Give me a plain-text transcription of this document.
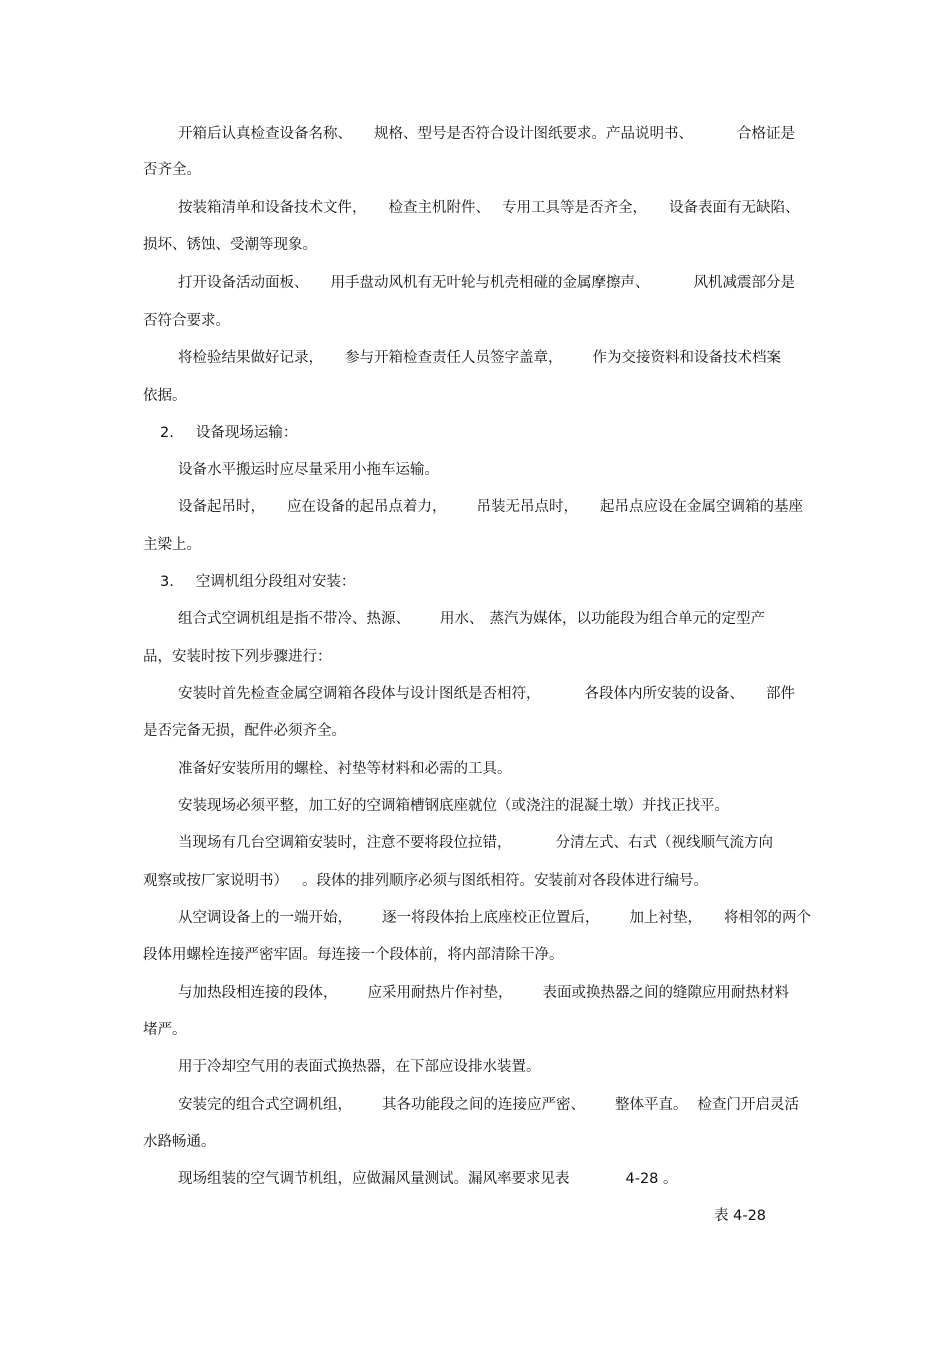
开箱后认真检查设备名称、 规格、型号是否符合设计图纸要求。产品说明书、	合格证是
否齐全。
按装箱清单和设备技术文件， 检查主机附件、 专用工具等是否齐全， 设备表面有无缺陷、
损坏、锈蚀、受潮等现象。
打开设备活动面板、 用手盘动风机有无叶轮与机壳相碰的金属摩擦声、	风机减震部分是
否符合要求。
将检验结果做好记录， 参与开箱检查责任人员签字盖章， 作为交接资料和设备技术档案
依据。
2. 设备现场运输：
设备水平搬运时应尽量采用小拖车运输。
设备起吊时， 应在设备的起吊点着力， 吊装无吊点时， 起吊点应设在金属空调箱的基座
主梁上。
3. 空调机组分段组对安装：
组合式空调机组是指不带冷、热源、 用水、 蒸汽为媒体，以功能段为组合单元的定型产
品，安装时按下列步骤进行：
安装时首先检查金属空调箱各段体与设计图纸是否相符，	各段体内所安装的设备、 部件
是否完备无损，配件必须齐全。
准备好安装所用的螺栓、衬垫等材料和必需的工具。
安装现场必须平整，加工好的空调箱槽钢底座就位（或浇注的混凝土墩）并找正找平。
当现场有几台空调箱安装时，注意不要将段位拉错，	分清左式、右式（视线顺气流方向
观察或按厂家说明书） 。段体的排列顺序必须与图纸相符。安装前对各段体进行编号。
从空调设备上的一端开始， 逐一将段体抬上底座校正位置后， 加上衬垫， 将相邻的两个
段体用螺栓连接严密牢固。每连接一个段体前，将内部清除干净。
与加热段相连接的段体， 应采用耐热片作衬垫， 表面或换热器之间的缝隙应用耐热材料
堵严。
用于冷却空气用的表面式换热器，在下部应设排水装置。
安装完的组合式空调机组， 其各功能段之间的连接应严密、 整体平直。 检查门开启灵活
水路畅通。
现场组装的空气调节机组，应做漏风量测试。漏风率要求见表	4-28 。
表 4-28
